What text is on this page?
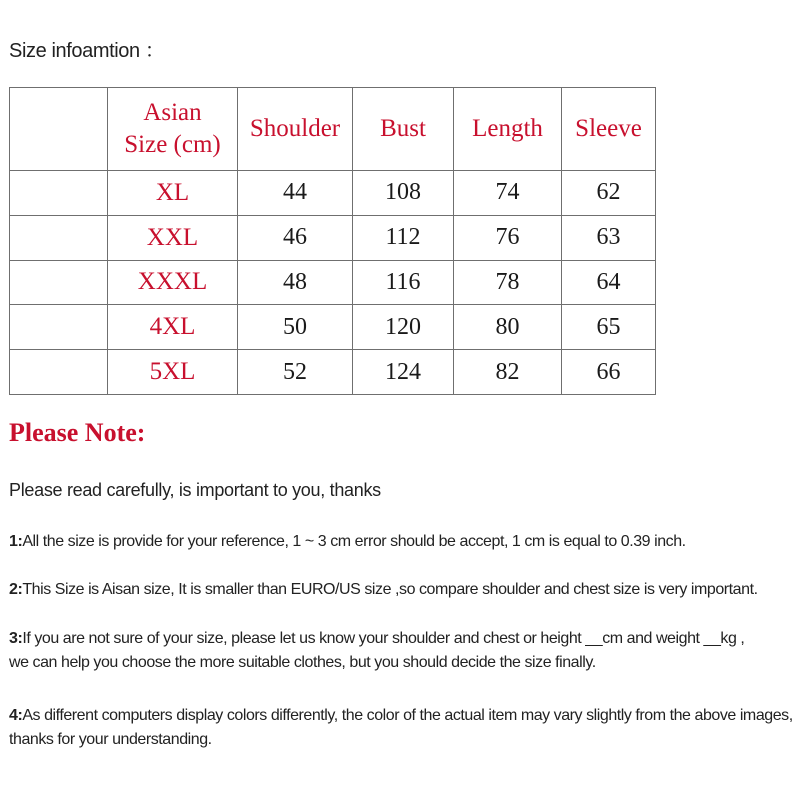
Size infoamtion ：
	Asian Size (cm)	Shoulder	Bust	Length	Sleeve
	XL	44	108	74	62
	XXL	46	112	76	63
	XXXL	48	116	78	64
	4XL	50	120	80	65
	5XL	52	124	82	66
Please Note:
Please read carefully, is important to you, thanks
1:All the size is provide for your reference, 1 ~ 3 cm error should be accept, 1 cm is equal to 0.39 inch.
2:This Size is Aisan size, It is smaller than EURO/US size ,so compare shoulder and chest size is very important.
3:If you are not sure of your size, please let us know your shoulder and chest or height __cm and weight __kg ,
we can help you choose the more suitable clothes, but you should decide the size finally.
4:As different computers display colors differently, the color of the actual item may vary slightly from the above images,
thanks for your understanding.
